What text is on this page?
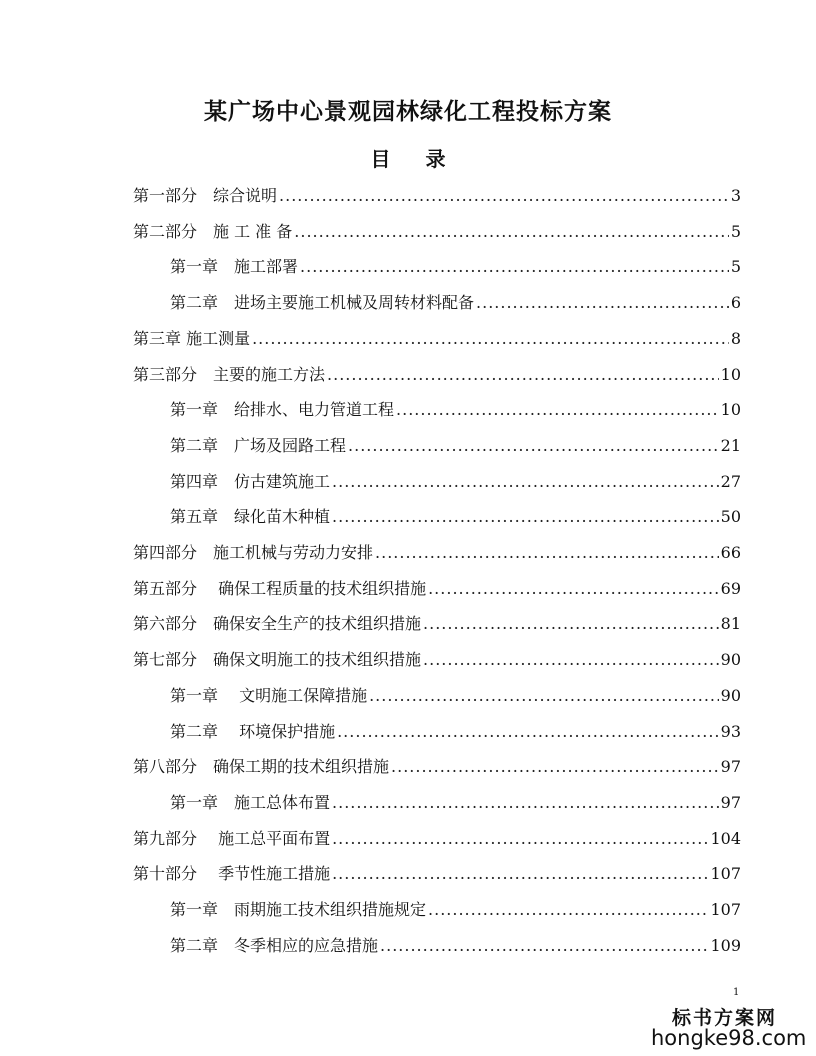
某广场中心景观园林绿化工程投标方案
目 录
第一部分　综合说明 .....	3
第二部分　施 工 准 备 .....	5
第一章　施工部署 .....	5
第二章　进场主要施工机械及周转材料配备 .....	6
第三章 施工测量 .....	8
第三部分　主要的施工方法 .....	10
第一章　给排水、电力管道工程 .....	10
第二章　广场及园路工程 .....	21
第四章　仿古建筑施工 .....	27
第五章　绿化苗木种植 .....	50
第四部分　施工机械与劳动力安排 .....	66
第五部分　 确保工程质量的技术组织措施 .....	69
第六部分　确保安全生产的技术组织措施 .....	81
第七部分　确保文明施工的技术组织措施 .....	90
第一章　 文明施工保障措施 .....	90
第二章　 环境保护措施 .....	93
第八部分　确保工期的技术组织措施 .....	97
第一章　施工总体布置 .....	97
第九部分　 施工总平面布置 .....	104
第十部分　 季节性施工措施 .....	107
第一章　雨期施工技术组织措施规定 .....	107
第二章　冬季相应的应急措施 .....	109
1
标书方案网
hongke98.com
